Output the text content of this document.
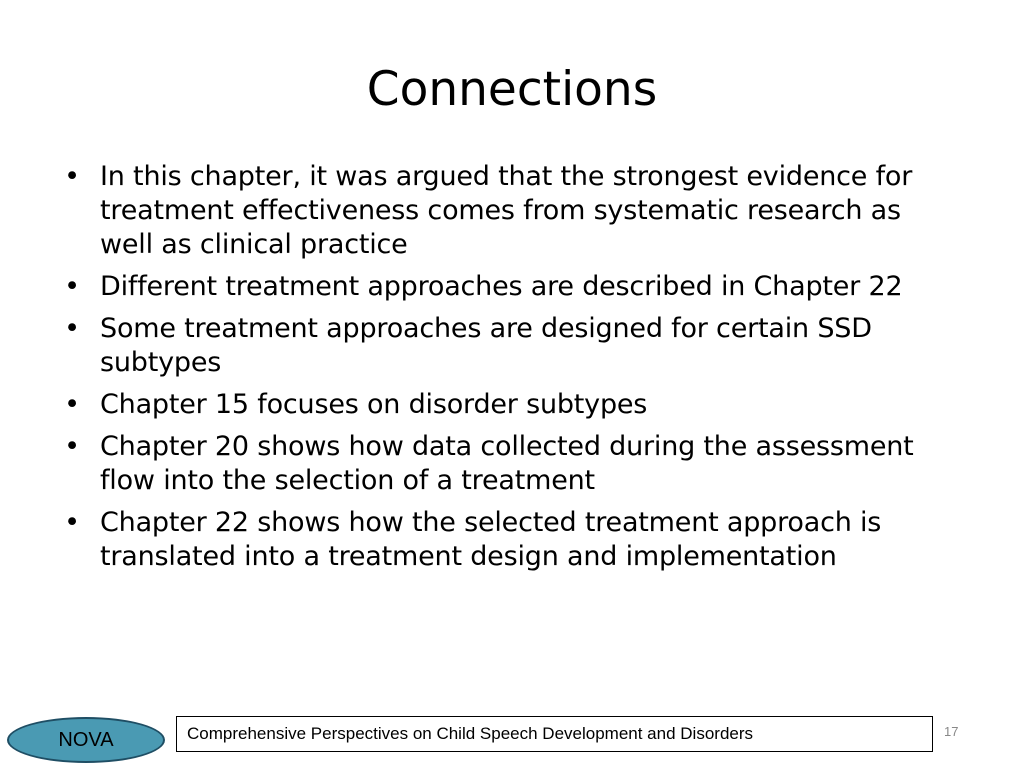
Connections
• In this chapter, it was argued that the strongest evidence for treatment effectiveness comes from systematic research as well as clinical practice
• Different treatment approaches are described in Chapter 22
• Some treatment approaches are designed for certain SSD subtypes
• Chapter 15 focuses on disorder subtypes
• Chapter 20 shows how data collected during the assessment flow into the selection of a treatment
• Chapter 22 shows how the selected treatment approach is translated into a treatment design and implementation
NOVA	Comprehensive Perspectives on Child Speech Development and Disorders	17
